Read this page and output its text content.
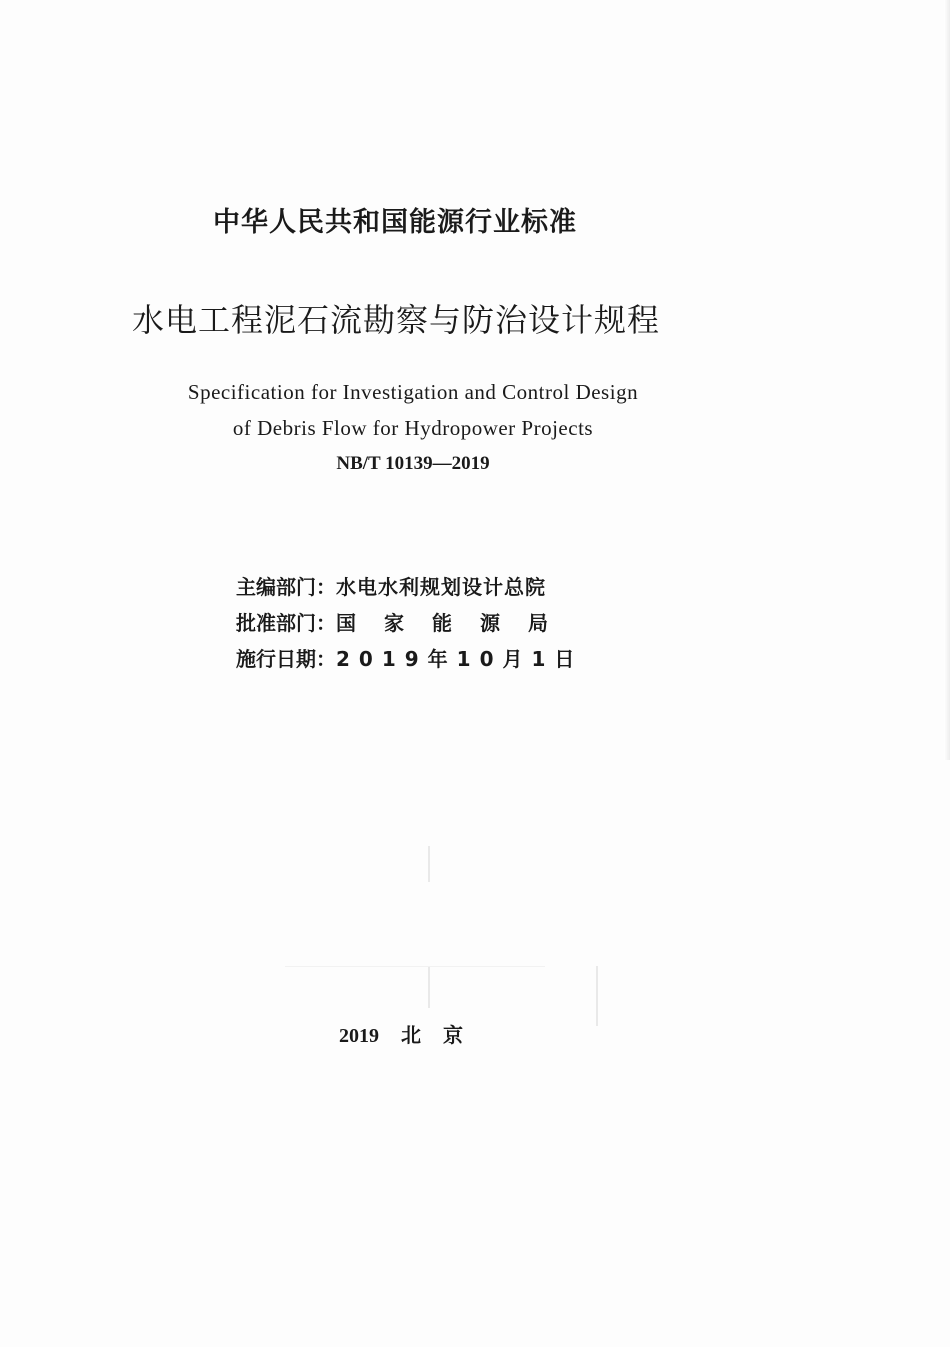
中华人民共和国能源行业标准
水电工程泥石流勘察与防治设计规程
Specification for Investigation and Control Design
of Debris Flow for Hydropower Projects
NB/T 10139—2019
主编部门：水电水利规划设计总院
批准部门：国家能源局
施行日期：2019年10月1日
2019 北京
